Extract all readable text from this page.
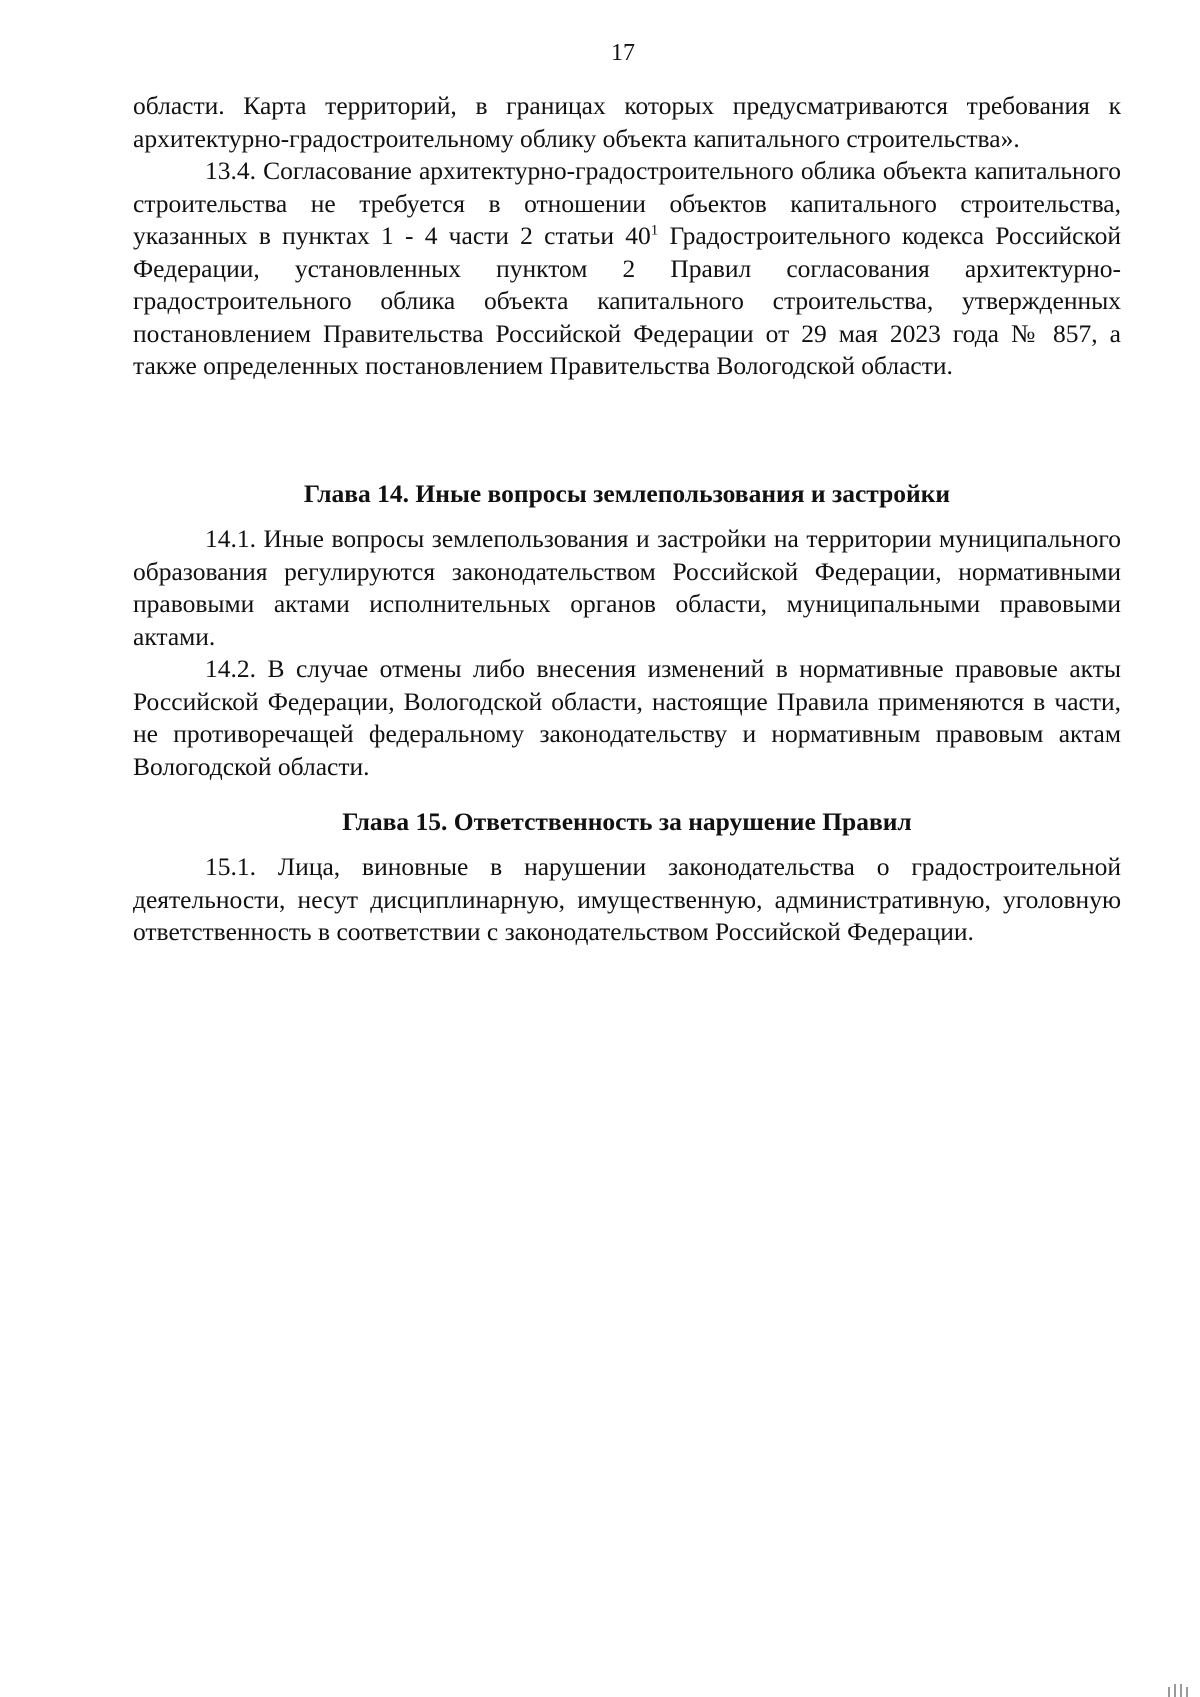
17

области. Карта территорий, в границах которых предусматриваются требования к архитектурно-градостроительному облику объекта капитального строительства».

13.4. Согласование архитектурно-градостроительного облика объекта капитального строительства не требуется в отношении объектов капитального строительства, указанных в пунктах 1 - 4 части 2 статьи $40^1$ Градостроительного кодекса Российской Федерации, установленных пунктом 2 Правил согласования архитектурно-градостроительного облика объекта капитального строительства, утвержденных постановлением Правительства Российской Федерации от 29 мая 2023 года № 857, а также определенных постановлением Правительства Вологодской области.

Глава 14. Иные вопросы землепользования и застройки

14.1. Иные вопросы землепользования и застройки на территории муниципального образования регулируются законодательством Российской Федерации, нормативными правовыми актами исполнительных органов области, муниципальными правовыми актами.

14.2. В случае отмены либо внесения изменений в нормативные правовые акты Российской Федерации, Вологодской области, настоящие Правила применяются в части, не противоречащей федеральному законодательству и нормативным правовым актам Вологодской области.

Глава 15. Ответственность за нарушение Правил

15.1. Лица, виновные в нарушении законодательства о градостроительной деятельности, несут дисциплинарную, имущественную, административную, уголовную ответственность в соответствии с законодательством Российской Федерации.
